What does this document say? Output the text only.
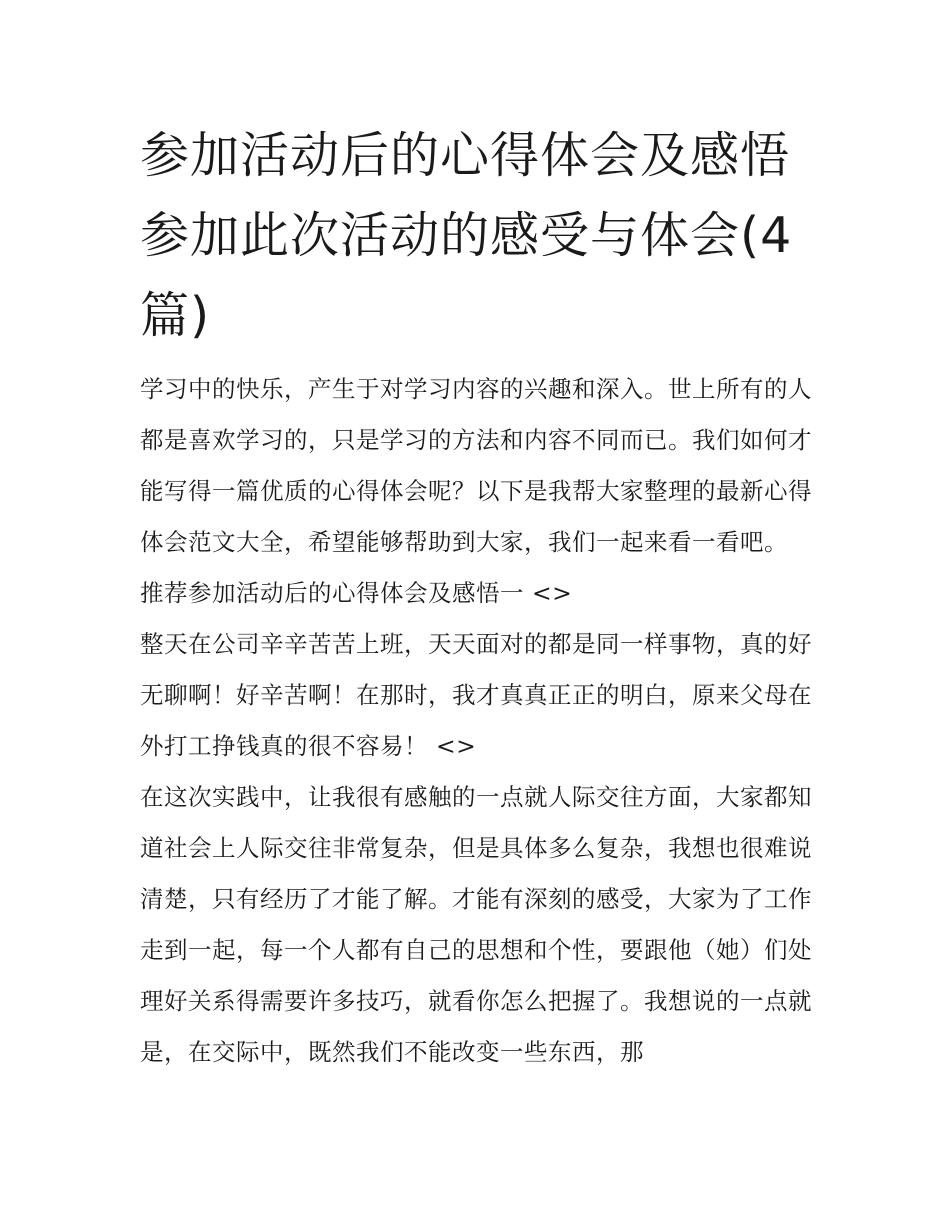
参加活动后的心得体会及感悟参加此次活动的感受与体会(4篇)

学习中的快乐，产生于对学习内容的兴趣和深入。世上所有的人都是喜欢学习的，只是学习的方法和内容不同而已。我们如何才能写得一篇优质的心得体会呢？以下是我帮大家整理的最新心得体会范文大全，希望能够帮助到大家，我们一起来看一看吧。

推荐参加活动后的心得体会及感悟一 <>

整天在公司辛辛苦苦上班，天天面对的都是同一样事物，真的好无聊啊！好辛苦啊！在那时，我才真真正正的明白，原来父母在外打工挣钱真的很不容易！ <>

在这次实践中，让我很有感触的一点就人际交往方面，大家都知道社会上人际交往非常复杂，但是具体多么复杂，我想也很难说清楚，只有经历了才能了解。才能有深刻的感受，大家为了工作走到一起，每一个人都有自己的思想和个性，要跟他（她）们处理好关系得需要许多技巧，就看你怎么把握了。我想说的一点就是，在交际中，既然我们不能改变一些东西，那
